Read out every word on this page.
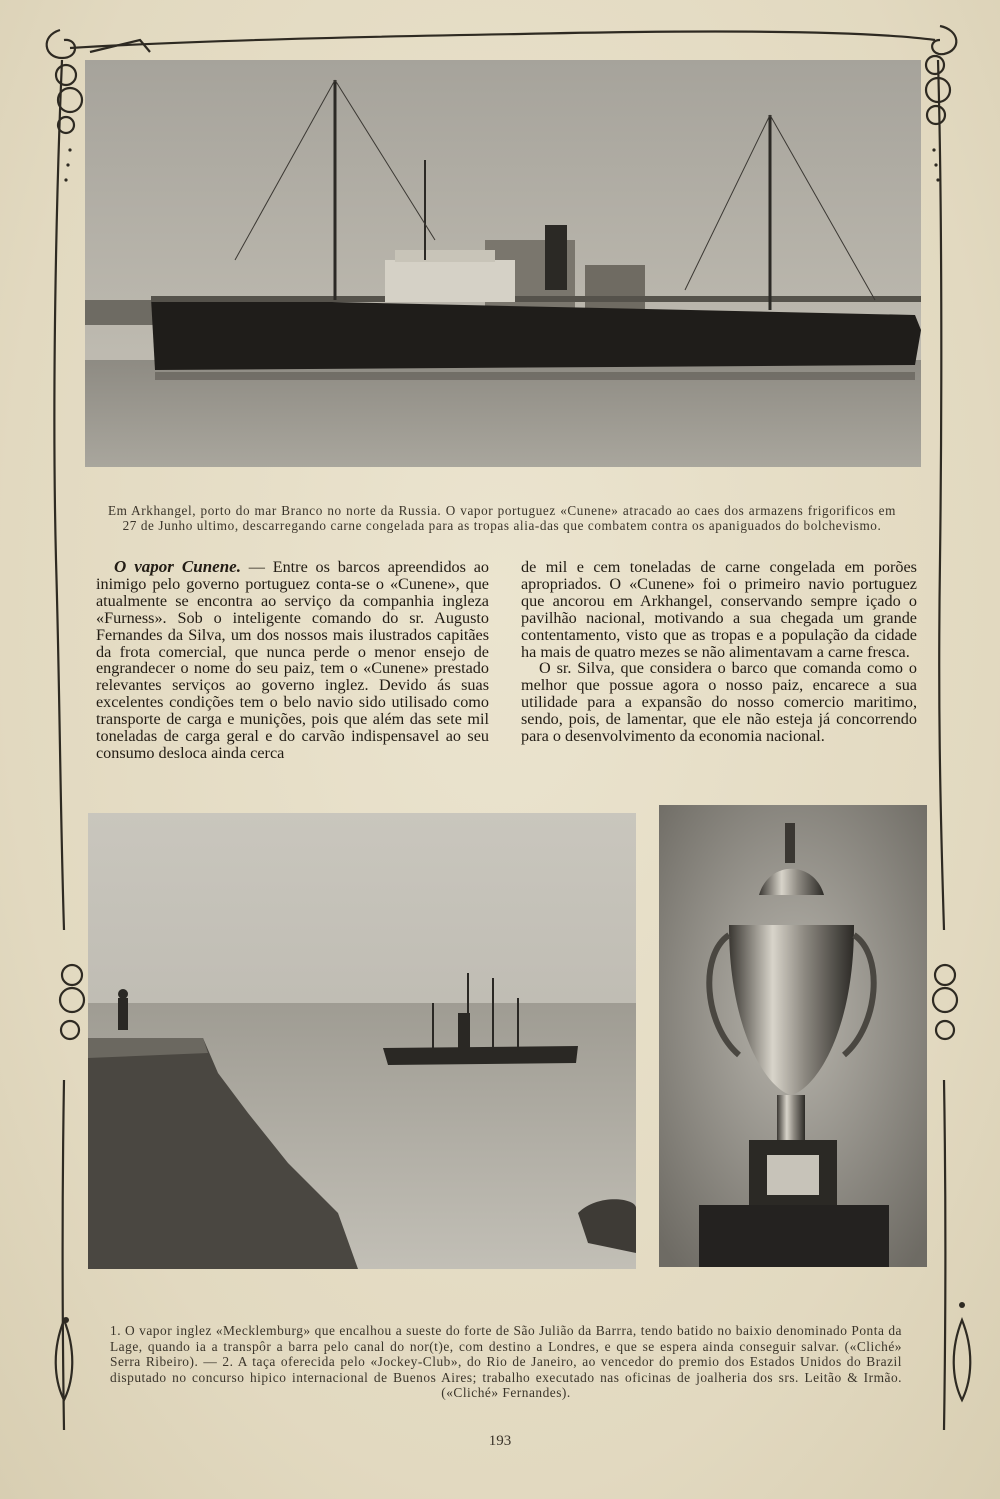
Em Arkhangel, porto do mar Branco no norte da Russia. O vapor portuguez «Cunene» atracado ao caes dos armazens frigorificos em 27 de Junho ultimo, descarregando carne congelada para as tropas alia-das que combatem contra os apaniguados do bolchevismo.

O vapor Cunene. — Entre os barcos apreendidos ao inimigo pelo governo portuguez conta-se o «Cunene», que atualmente se encontra ao serviço da companhia ingleza «Furness». Sob o inteligente comando do sr. Augusto Fernandes da Silva, um dos nossos mais ilustrados capitães da frota comercial, que nunca perde o menor ensejo de engrandecer o nome do seu paiz, tem o «Cunene» prestado relevantes serviços ao governo inglez. Devido ás suas excelentes condições tem o belo navio sido utilisado como transporte de carga e munições, pois que além das sete mil toneladas de carga geral e do carvão indispensavel ao seu consumo desloca ainda cerca

de mil e cem toneladas de carne congelada em porões apropriados. O «Cunene» foi o primeiro navio portuguez que ancorou em Arkhangel, conservando sempre içado o pavilhão nacional, motivando a sua chegada um grande contentamento, visto que as tropas e a população da cidade ha mais de quatro mezes se não alimentavam a carne fresca.

O sr. Silva, que considera o barco que comanda como o melhor que possue agora o nosso paiz, encarece a sua utilidade para a expansão do nosso comercio maritimo, sendo, pois, de lamentar, que ele não esteja já concorrendo para o desenvolvimento da economia nacional.

1. O vapor inglez «Mecklemburg» que encalhou a sueste do forte de São Julião da Barrra, tendo batido no baixio denominado Ponta da Lage, quando ia a transpôr a barra pelo canal do nor(t)e, com destino a Londres, e que se espera ainda conseguir salvar. («Cliché» Serra Ribeiro). — 2. A taça oferecida pelo «Jockey-Club», do Rio de Janeiro, ao vencedor do premio dos Estados Unidos do Brazil disputado no concurso hipico internacional de Buenos Aires; trabalho executado nas oficinas de joalheria dos srs. Leitão & Irmão. («Cliché» Fernandes).

193
